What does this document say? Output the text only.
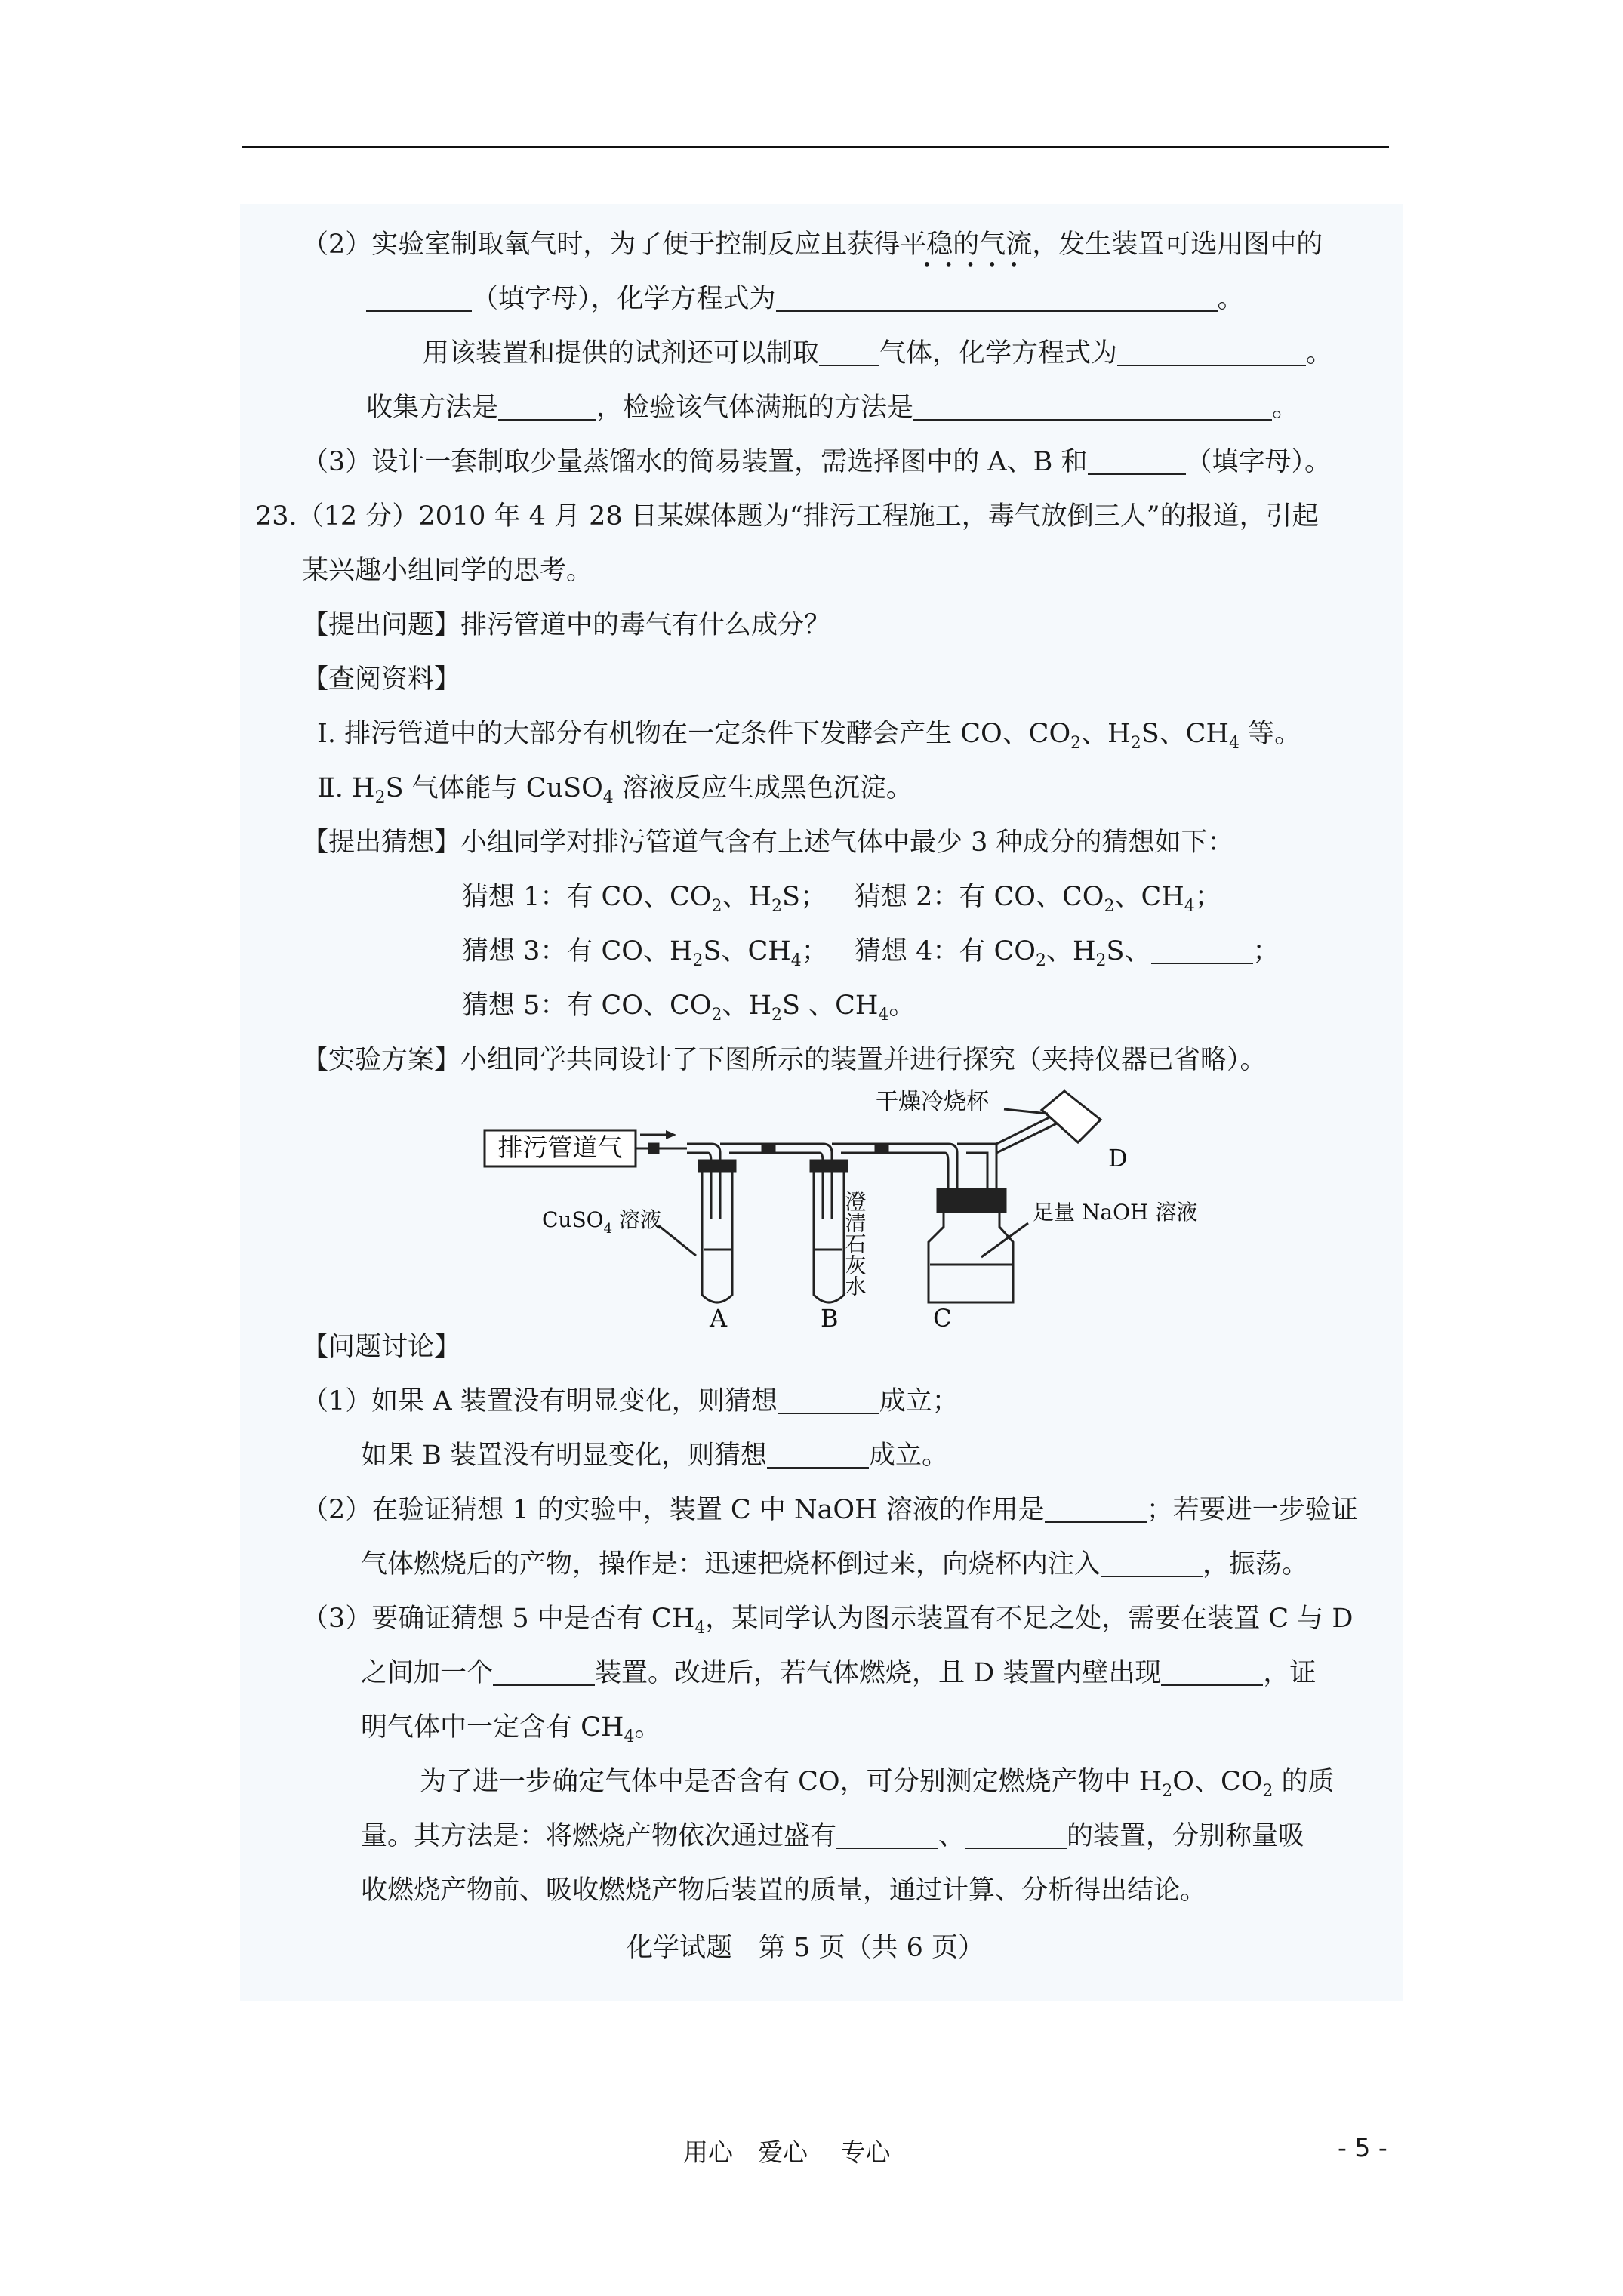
（2）实验室制取氧气时，为了便于控制反应且获得平稳的气流，发生装置可选用图中的
•••••
（填字母），化学方程式为	。
用该装置和提供的试剂还可以制取 气体，化学方程式为	。
收集方法是	，检验该气体满瓶的方法是	。
（3）设计一套制取少量蒸馏水的简易装置，需选择图中的 A、B 和	（填字母）。
23.（12 分）2010 年 4 月 28 日某媒体题为“排污工程施工，毒气放倒三人”的报道，引起
某兴趣小组同学的思考。
【提出问题】排污管道中的毒气有什么成分？
【查阅资料】
Ⅰ. 排污管道中的大部分有机物在一定条件下发酵会产生 CO、$CO_2$、$H_2S$、$CH_4$ 等。
Ⅱ. $H_2S$ 气体能与 CuSO$_4$ 溶液反应生成黑色沉淀。
【提出猜想】小组同学对排污管道气含有上述气体中最少 3 种成分的猜想如下：
猜想 1：有 CO、$CO_2$、$H_2S$； 猜想 2：有 CO、$CO_2$、$CH_4$；
猜想 3：有 CO、$H_2S$、$CH_4$； 猜想 4：有 $CO_2$、$H_2S$、	；
猜想 5：有 CO、$CO_2$、$H_2S$ 、$CH_4$。
【实验方案】小组同学共同设计了下图所示的装置并进行探究（夹持仪器已省略）。
排污管道气
干燥冷烧杯
D
CuSO$_4$ 溶液	澄清石灰水	足量 NaOH 溶液
A	B	C
【问题讨论】
（1）如果 A 装置没有明显变化，则猜想	成立；
如果 B 装置没有明显变化，则猜想	成立。
（2）在验证猜想 1 的实验中，装置 C 中 NaOH 溶液的作用是	；若要进一步验证
气体燃烧后的产物，操作是：迅速把烧杯倒过来，向烧杯内注入	，振荡。
（3）要确证猜想 5 中是否有 $CH_4$，某同学认为图示装置有不足之处，需要在装置 C 与 D
之间加一个	装置。改进后，若气体燃烧，且 D 装置内壁出现	，证
明气体中一定含有 $CH_4$。
为了进一步确定气体中是否含有 CO，可分别测定燃烧产物中 $H_2O$、$CO_2$ 的质
量。其方法是：将燃烧产物依次通过盛有	、	的装置，分别称量吸
收燃烧产物前、吸收燃烧产物后装置的质量，通过计算、分析得出结论。
化学试题　第 5 页（共 6 页）
用心　爱心　 专心	- 5 -
